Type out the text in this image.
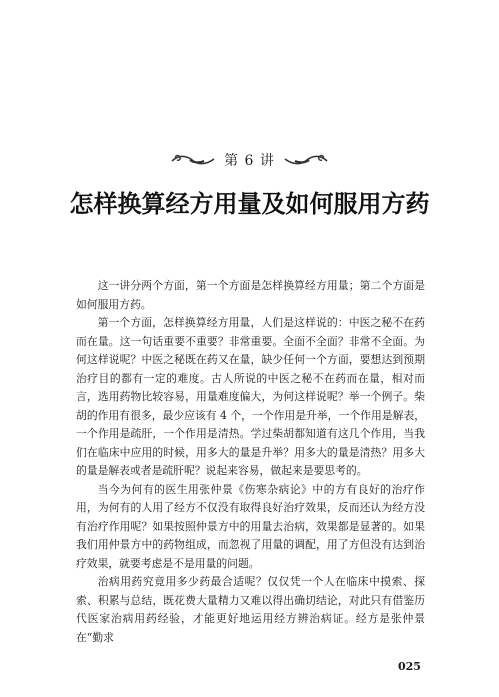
第 6 讲
怎样换算经方用量及如何服用方药

这一讲分两个方面，第一个方面是怎样换算经方用量；第二个方面是如何服用方药。

第一个方面，怎样换算经方用量，人们是这样说的：中医之秘不在药而在量。这一句话重要不重要？非常重要。全面不全面？非常不全面。为何这样说呢？中医之秘既在药又在量，缺少任何一个方面，要想达到预期治疗目的都有一定的难度。古人所说的中医之秘不在药而在量，相对而言，选用药物比较容易，用量难度偏大，为何这样说呢？举一个例子。柴胡的作用有很多，最少应该有 4 个，一个作用是升举，一个作用是解表，一个作用是疏肝，一个作用是清热。学过柴胡都知道有这几个作用，当我们在临床中应用的时候，用多大的量是升举？用多大的量是清热？用多大的量是解表或者是疏肝呢？说起来容易，做起来是要思考的。

当今为何有的医生用张仲景《伤寒杂病论》中的方有良好的治疗作用，为何有的人用了经方不仅没有取得良好治疗效果，反而还认为经方没有治疗作用呢？如果按照仲景方中的用量去治病，效果都是显著的。如果我们用仲景方中的药物组成，而忽视了用量的调配，用了方但没有达到治疗效果，就要考虑是不是用量的问题。

治病用药究竟用多少药最合适呢？仅仅凭一个人在临床中摸索、探索、积累与总结，既花费大量精力又难以得出确切结论，对此只有借鉴历代医家治病用药经验，才能更好地运用经方辨治病证。经方是张仲景在“勤求

025
